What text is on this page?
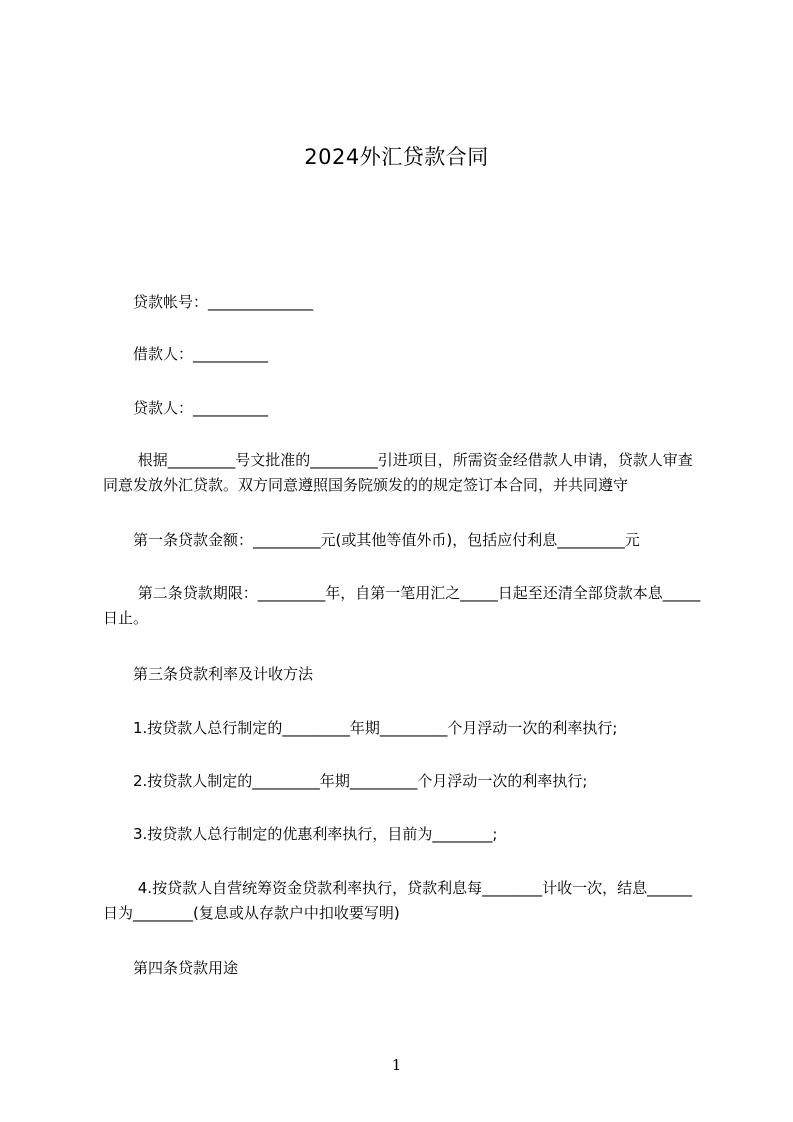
2024外汇贷款合同
　　贷款帐号：______________
　　借款人：__________
　　贷款人：__________
　　 根据_________号文批准的_________引进项目，所需资金经借款人申请，贷款人审查同意发放外汇贷款。双方同意遵照国务院颁发的的规定签订本合同，并共同遵守
　　第一条贷款金额：_________元(或其他等值外币)，包括应付利息_________元
　　 第二条贷款期限：_________年，自第一笔用汇之_____日起至还清全部贷款本息_____日止。
　　第三条贷款利率及计收方法
　　1.按贷款人总行制定的_________年期_________个月浮动一次的利率执行;
　　2.按贷款人制定的_________年期_________个月浮动一次的利率执行;
　　3.按贷款人总行制定的优惠利率执行，目前为________;
　　 4.按贷款人自营统筹资金贷款利率执行，贷款利息每________计收一次，结息______日为________(复息或从存款户中扣收要写明)
　　第四条贷款用途
1
